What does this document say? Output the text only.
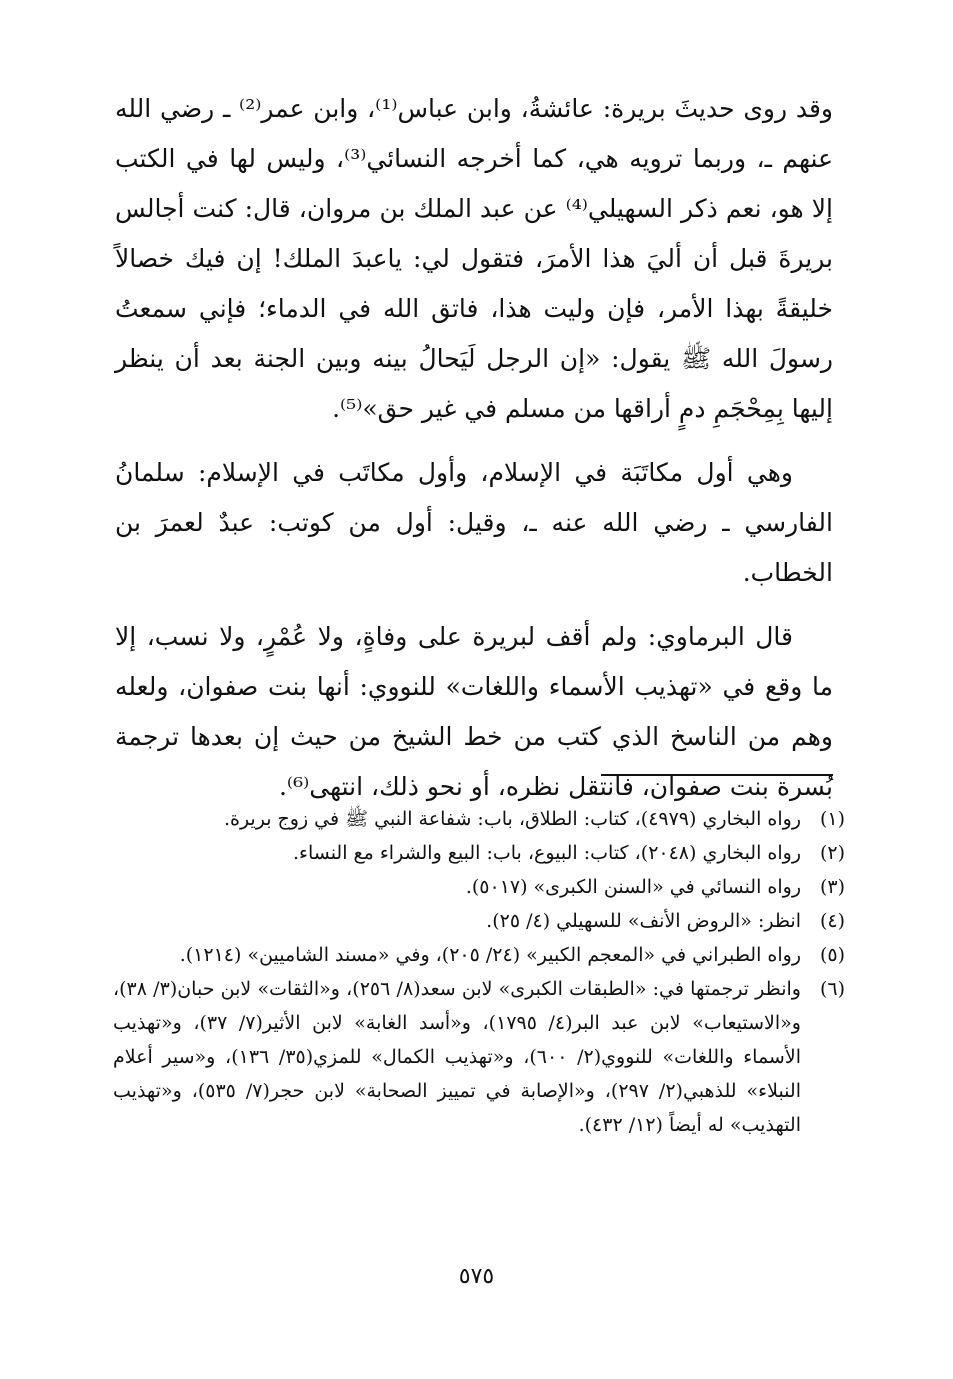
وقد روى حديثَ بريرة: عائشةُ، وابن عباس⁽¹⁾، وابن عمر⁽²⁾ ـ رضي الله عنهم ـ، وربما ترويه هي، كما أخرجه النسائي⁽³⁾، وليس لها في الكتب إلا هو، نعم ذكر السهيلي⁽⁴⁾ عن عبد الملك بن مروان، قال: كنت أجالس بريرةَ قبل أن أليَ هذا الأمرَ، فتقول لي: ياعبدَ الملك! إن فيك خصالاً خليقةً بهذا الأمر، فإن وليت هذا، فاتق الله في الدماء؛ فإني سمعتُ رسولَ الله ﷺ يقول: «إن الرجل لَيَحالُ بينه وبين الجنة بعد أن ينظر إليها بِمِحْجَمِ دمٍ أراقها من مسلم في غير حق»⁽⁵⁾.

وهي أول مكاتَبَة في الإسلام، وأول مكاتَب في الإسلام: سلمانُ الفارسي ـ رضي الله عنه ـ، وقيل: أول من كوتب: عبدٌ لعمرَ بن الخطاب.

قال البرماوي: ولم أقف لبريرة على وفاةٍ، ولا عُمْرٍ، ولا نسب، إلا ما وقع في «تهذيب الأسماء واللغات» للنووي: أنها بنت صفوان، ولعله وهم من الناسخ الذي كتب من خط الشيخ من حيث إن بعدها ترجمة بُسرة بنت صفوان، فانتقل نظره، أو نحو ذلك، انتهى⁽⁶⁾.

(١)
رواه البخاري (٤٩٧٩)، كتاب: الطلاق، باب: شفاعة النبي ﷺ في زوج بريرة.
(٢)
رواه البخاري (٢٠٤٨)، كتاب: البيوع، باب: البيع والشراء مع النساء.
(٣)
رواه النسائي في «السنن الكبرى» (٥٠١٧).
(٤)
انظر: «الروض الأنف» للسهيلي (٤/ ٢٥).
(٥)
رواه الطبراني في «المعجم الكبير» (٢٤/ ٢٠٥)، وفي «مسند الشاميين» (١٢١٤).
(٦)
وانظر ترجمتها في: «الطبقات الكبرى» لابن سعد(٨/ ٢٥٦)، و«الثقات» لابن حبان(٣/ ٣٨)، و«الاستيعاب» لابن عبد البر(٤/ ١٧٩٥)، و«أسد الغابة» لابن الأثير(٧/ ٣٧)، و«تهذيب الأسماء واللغات» للنووي(٢/ ٦٠٠)، و«تهذيب الكمال» للمزي(٣٥/ ١٣٦)، و«سير أعلام النبلاء» للذهبي(٢/ ٢٩٧)، و«الإصابة في تمييز الصحابة» لابن حجر(٧/ ٥٣٥)، و«تهذيب التهذيب» له أيضاً (١٢/ ٤٣٢).
٥٧٥
